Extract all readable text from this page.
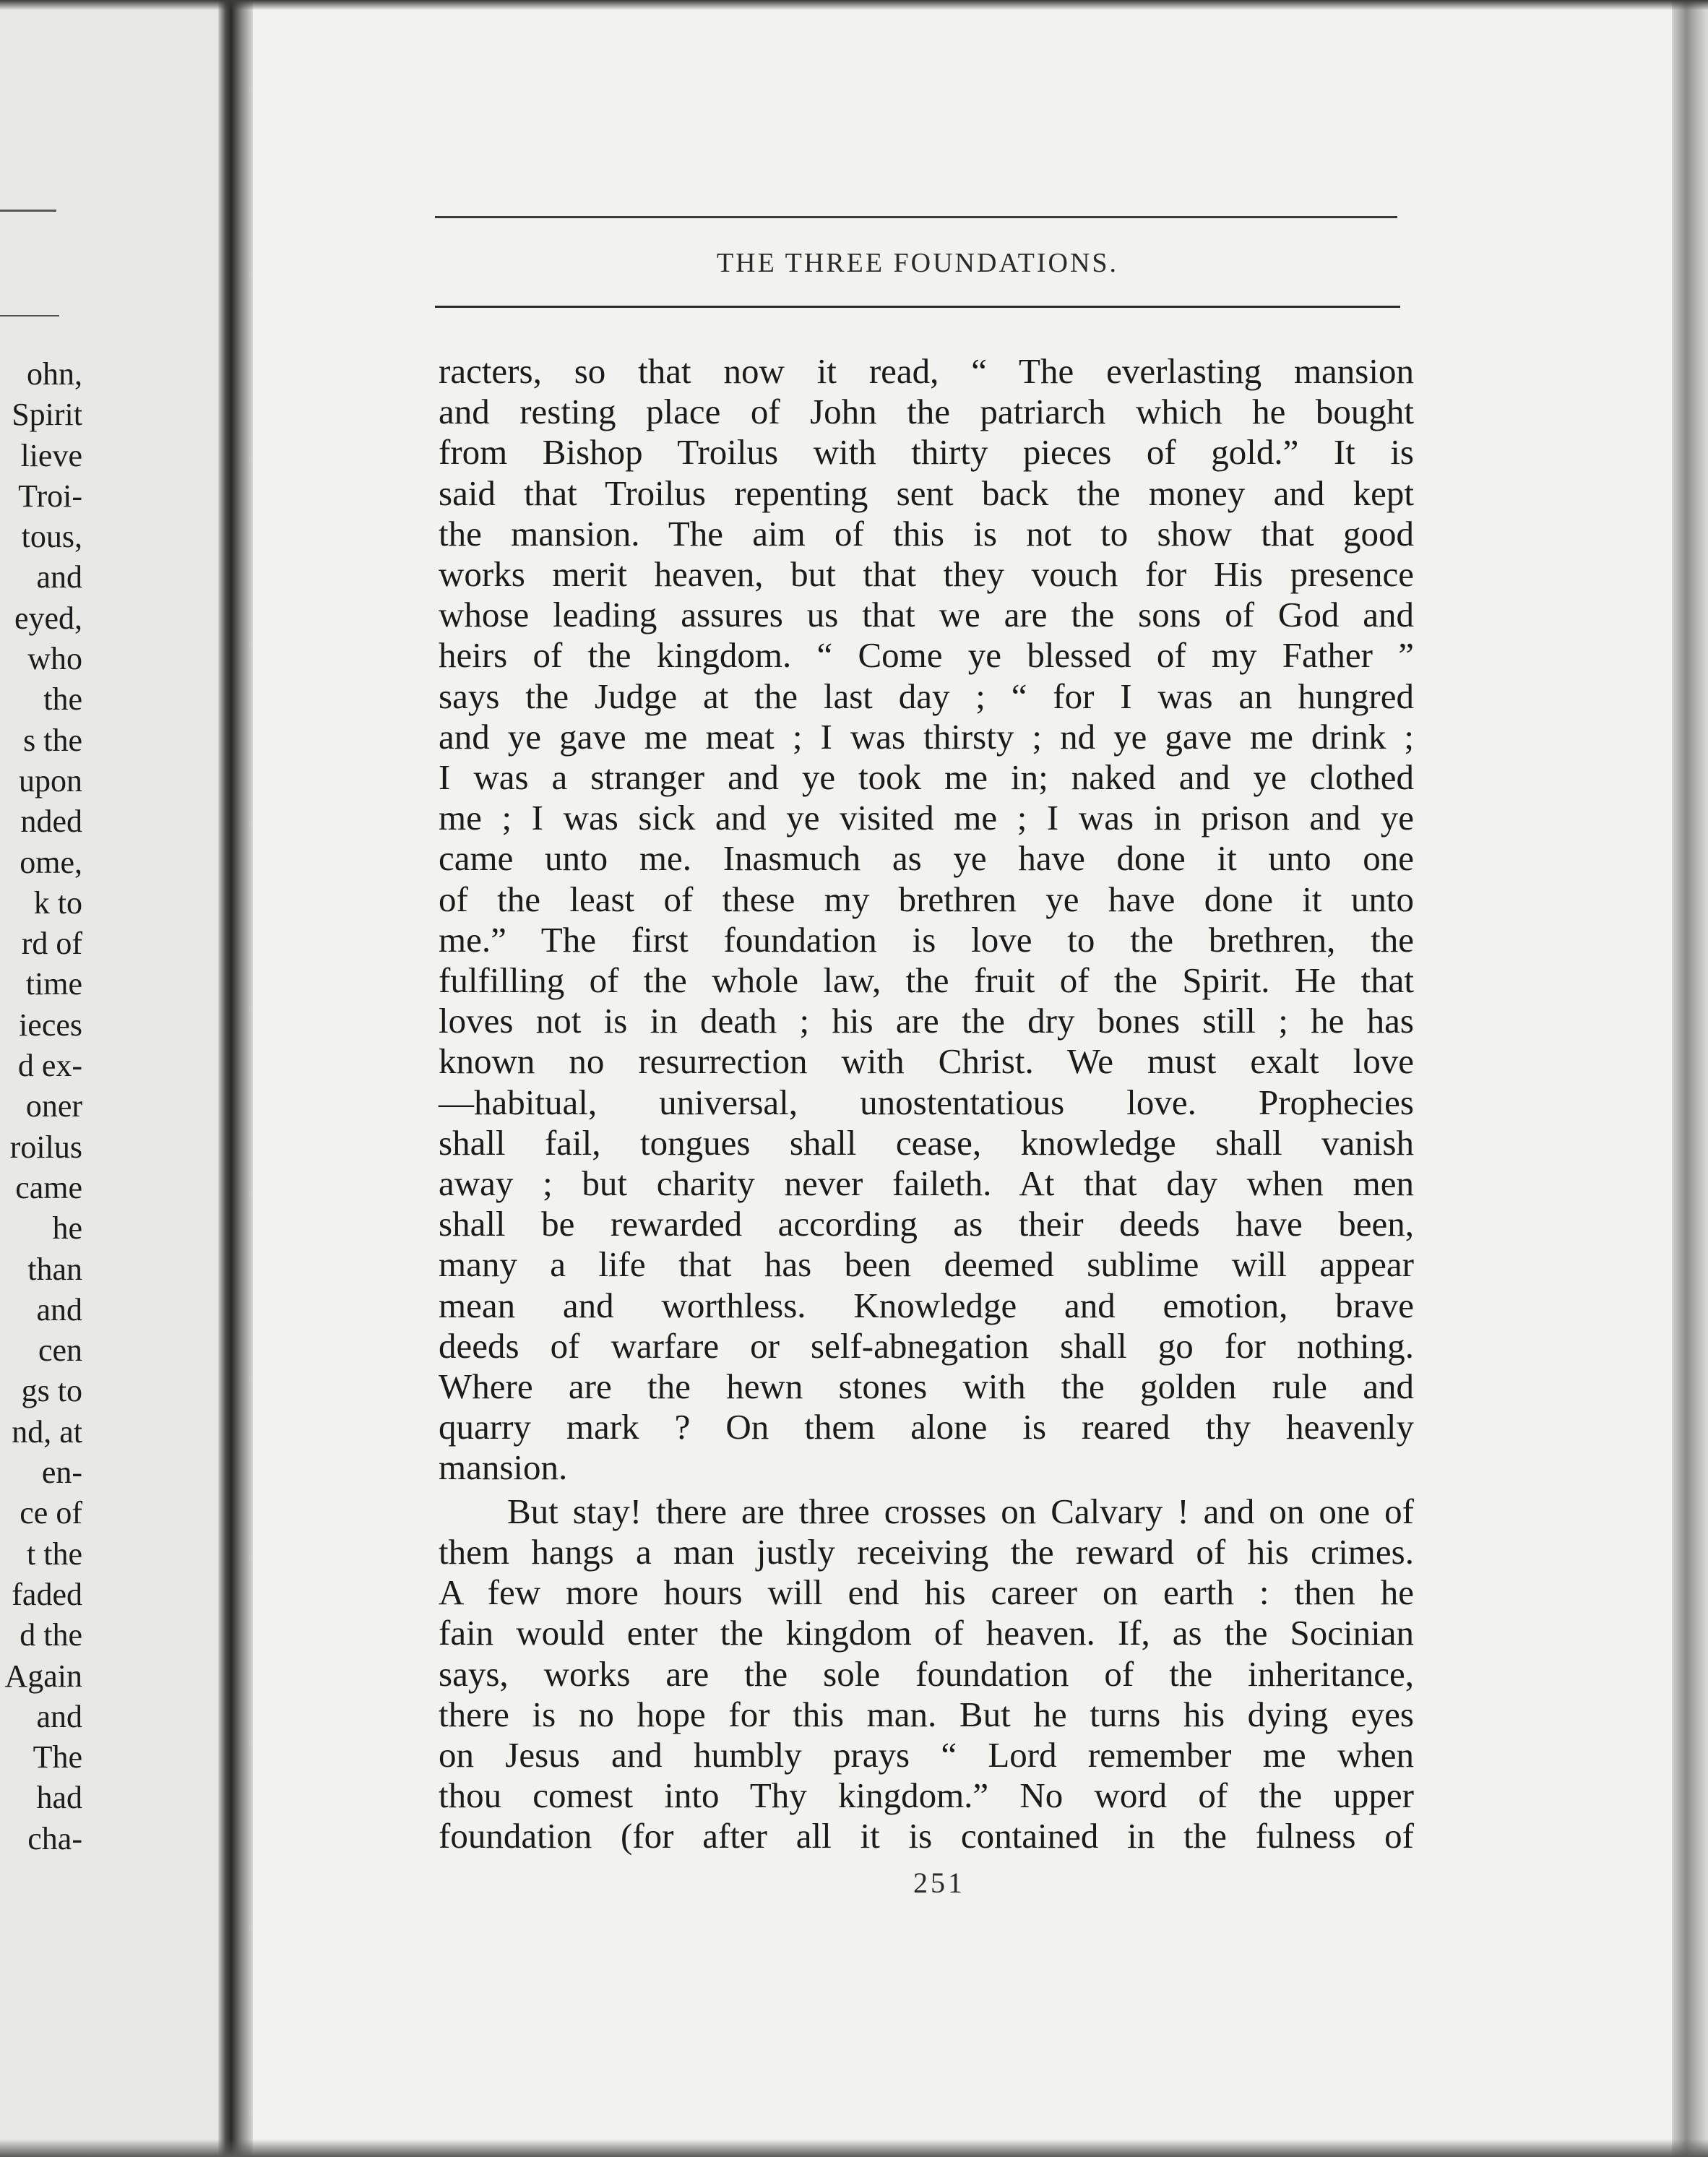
ohn,
Spirit
lieve
Troi-
tous,
and
eyed,
who
the
s the
upon
nded
ome,
k to
rd of
time
ieces
d ex-
oner
roilus
came
he
than
and
cen
gs to
nd, at
en-
ce of
t the
faded
d the
Again
and
The
had
cha-
THE THREE FOUNDATIONS.
racters, so that now it read, “ The everlasting mansion
and resting place of John the patriarch which he bought
from Bishop Troilus with thirty pieces of gold.” It is
said that Troilus repenting sent back the money and kept
the mansion. The aim of this is not to show that good
works merit heaven, but that they vouch for His presence
whose leading assures us that we are the sons of God and
heirs of the kingdom. “ Come ye blessed of my Father ”
says the Judge at the last day ; “ for I was an hungred
and ye gave me meat ; I was thirsty ; nd ye gave me drink ;
I was a stranger and ye took me in; naked and ye clothed
me ; I was sick and ye visited me ; I was in prison and ye
came unto me. Inasmuch as ye have done it unto one
of the least of these my brethren ye have done it unto
me.” The first foundation is love to the brethren, the
fulfilling of the whole law, the fruit of the Spirit. He that
loves not is in death ; his are the dry bones still ; he has
known no resurrection with Christ. We must exalt love
—habitual, universal, unostentatious love. Prophecies
shall fail, tongues shall cease, knowledge shall vanish
away ; but charity never faileth. At that day when men
shall be rewarded according as their deeds have been,
many a life that has been deemed sublime will appear
mean and worthless. Knowledge and emotion, brave
deeds of warfare or self-abnegation shall go for nothing.
Where are the hewn stones with the golden rule and
quarry mark ? On them alone is reared thy heavenly
mansion.
But stay! there are three crosses on Calvary ! and on one of
them hangs a man justly receiving the reward of his crimes.
A few more hours will end his career on earth : then he
fain would enter the kingdom of heaven. If, as the Socinian
says, works are the sole foundation of the inheritance,
there is no hope for this man. But he turns his dying eyes
on Jesus and humbly prays “ Lord remember me when
thou comest into Thy kingdom.” No word of the upper
foundation (for after all it is contained in the fulness of
251
